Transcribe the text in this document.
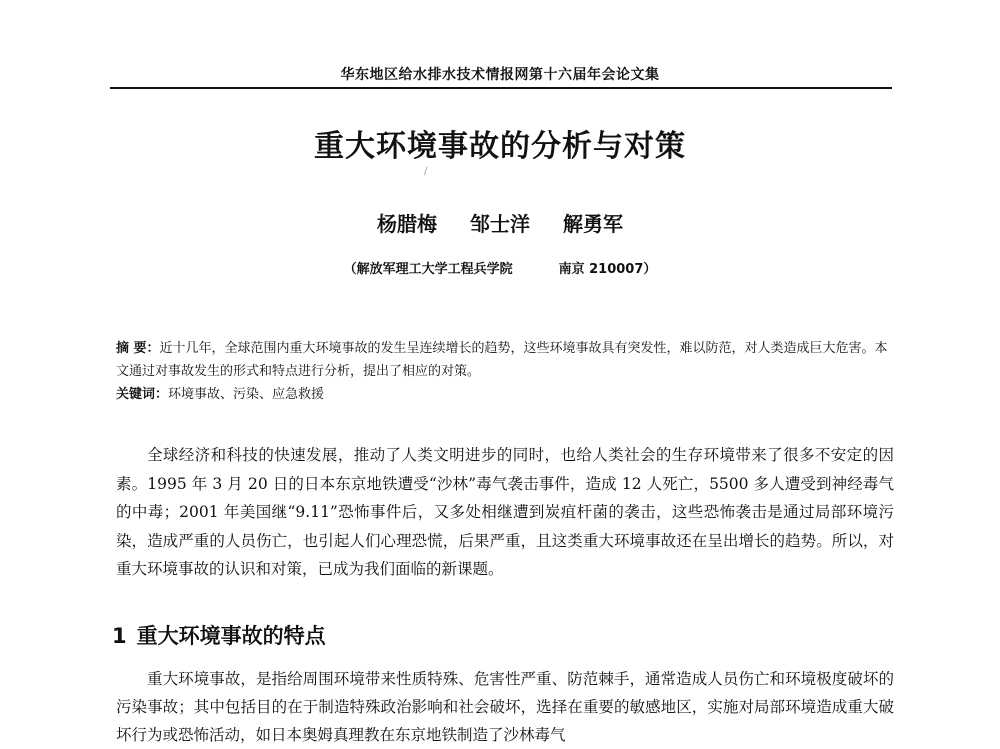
华东地区给水排水技术情报网第十六届年会论文集
重大环境事故的分析与对策
/
杨腊梅 邹士洋 解勇军
（解放军理工大学工程兵学院	南京 210007）

摘 要：近十几年，全球范围内重大环境事故的发生呈连续增长的趋势，这些环境事故具有突发性，难以防范，对人类造成巨大危害。本文通过对事故发生的形式和特点进行分析，提出了相应的对策。

关键词：环境事故、污染、应急救援

全球经济和科技的快速发展，推动了人类文明进步的同时，也给人类社会的生存环境带来了很多不安定的因素。1995 年 3 月 20 日的日本东京地铁遭受“沙林”毒气袭击事件，造成 12 人死亡，5500 多人遭受到神经毒气的中毒；2001 年美国继“9.11”恐怖事件后，又多处相继遭到炭疽杆菌的袭击，这些恐怖袭击是通过局部环境污染，造成严重的人员伤亡，也引起人们心理恐慌，后果严重，且这类重大环境事故还在呈出增长的趋势。所以，对重大环境事故的认识和对策，已成为我们面临的新课题。

1 重大环境事故的特点

重大环境事故，是指给周围环境带来性质特殊、危害性严重、防范棘手，通常造成人员伤亡和环境极度破坏的污染事故；其中包括目的在于制造特殊政治影响和社会破坏，选择在重要的敏感地区，实施对局部环境造成重大破坏行为或恐怖活动，如日本奥姆真理教在东京地铁制造了沙林毒气
